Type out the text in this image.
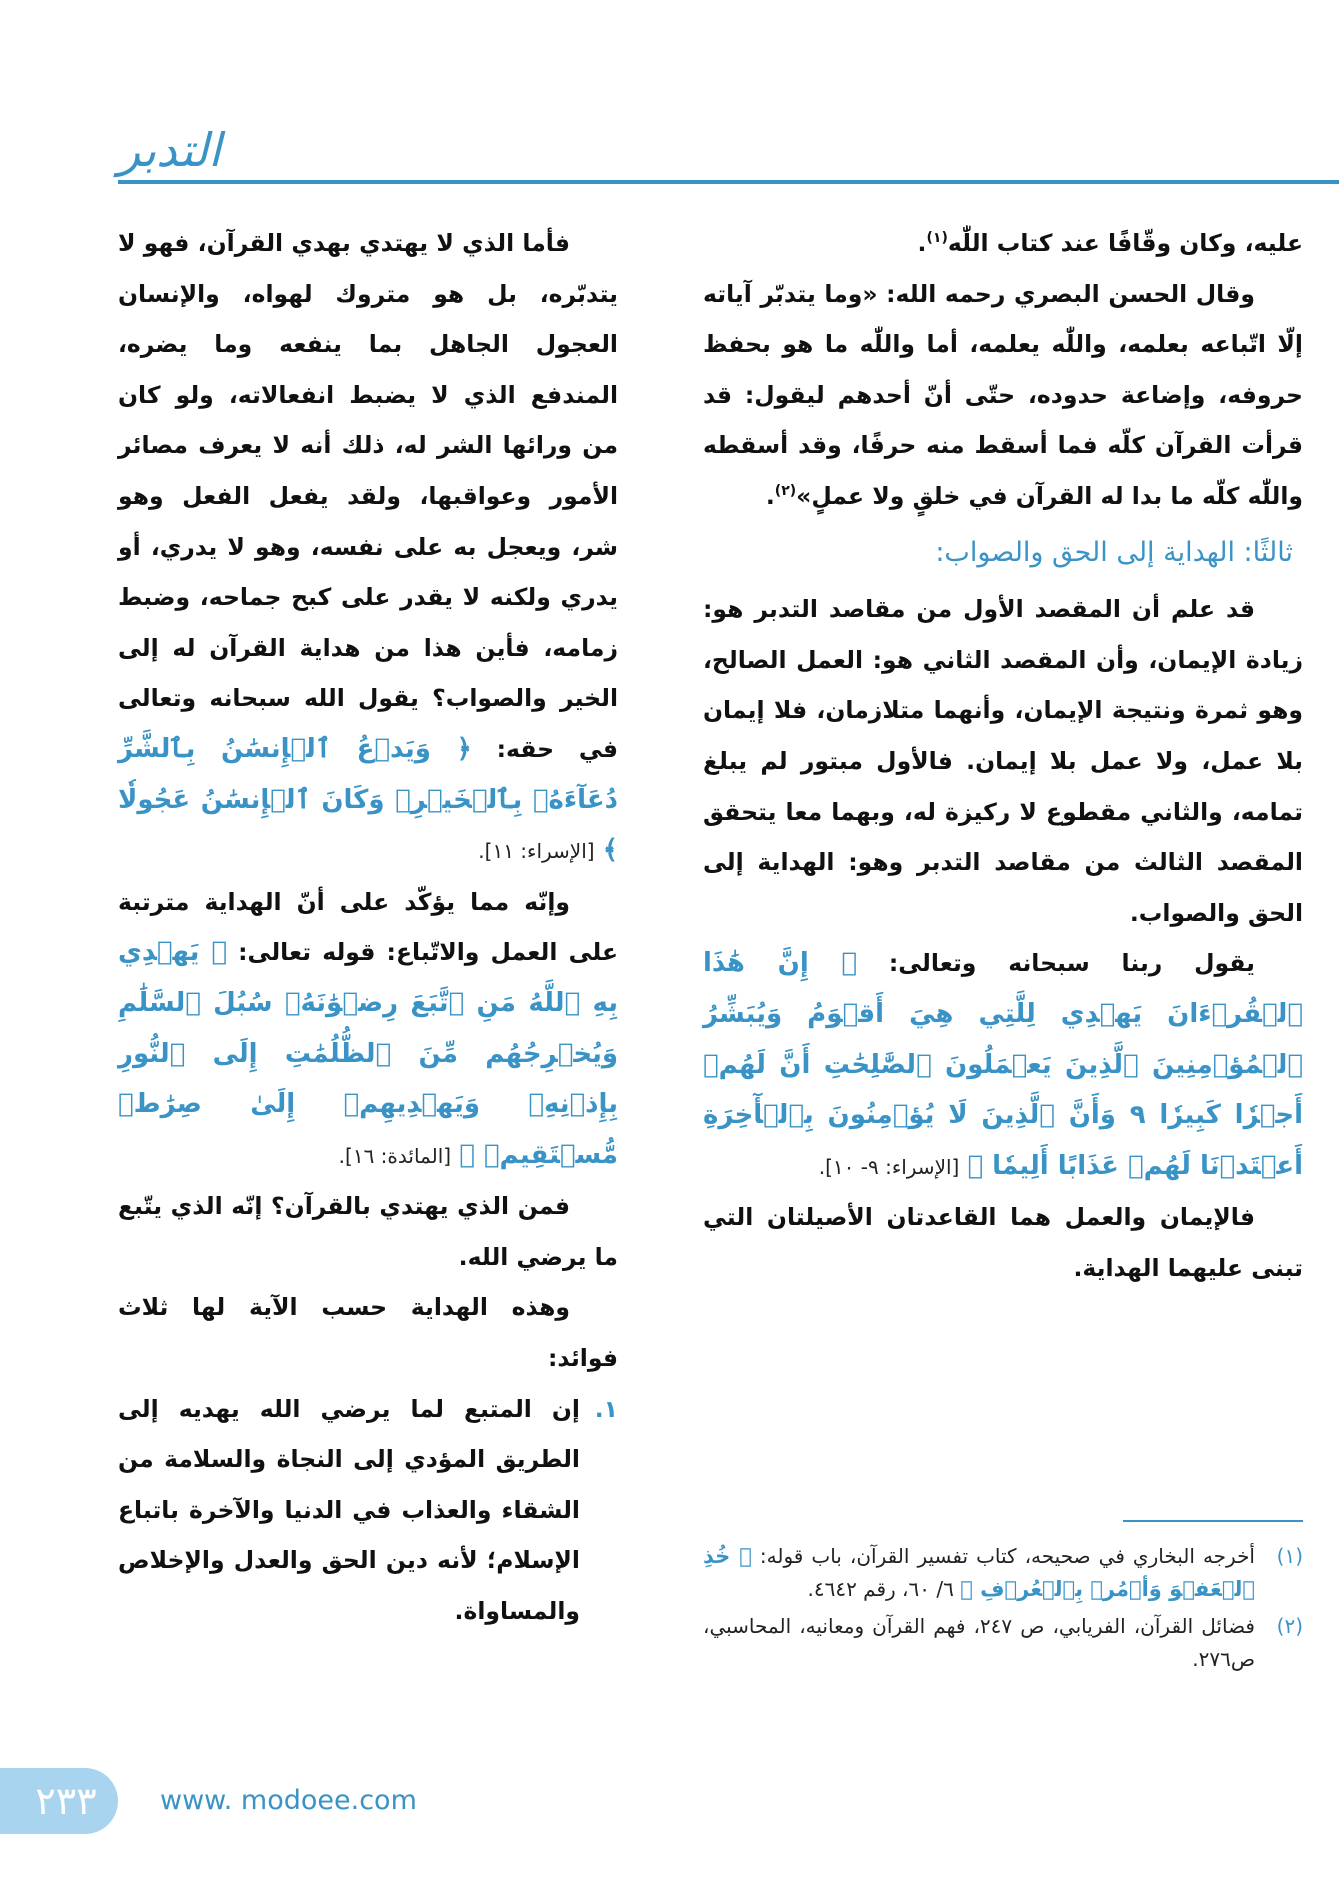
التدبر

عليه، وكان وقّافًا عند كتاب اللّٰه$^{(١)}$.

وقال الحسن البصري رحمه الله: «وما يتدبّر آياته إلّا اتّباعه بعلمه، واللّٰه يعلمه، أما واللّٰه ما هو بحفظ حروفه، وإضاعة حدوده، حتّى أنّ أحدهم ليقول: قد قرأت القرآن كلّه فما أسقط منه حرفًا، وقد أسقطه واللّٰه كلّه ما بدا له القرآن في خلقٍ ولا عملٍ»$^{(٢)}$.

ثالثًا: الهداية إلى الحق والصواب:

قد علم أن المقصد الأول من مقاصد التدبر هو: زيادة الإيمان، وأن المقصد الثاني هو: العمل الصالح، وهو ثمرة ونتيجة الإيمان، وأنهما متلازمان، فلا إيمان بلا عمل، ولا عمل بلا إيمان. فالأول مبتور لم يبلغ تمامه، والثاني مقطوع لا ركيزة له، وبهما معا يتحقق المقصد الثالث من مقاصد التدبر وهو: الهداية إلى الحق والصواب.

يقول ربنا سبحانه وتعالى: ﴿ إِنَّ هَٰذَا ٱلۡقُرۡءَانَ يَهۡدِي لِلَّتِي هِيَ أَقۡوَمُ وَيُبَشِّرُ ٱلۡمُؤۡمِنِينَ ٱلَّذِينَ يَعۡمَلُونَ ٱلصَّٰلِحَٰتِ أَنَّ لَهُمۡ أَجۡرٗا كَبِيرٗا ٩ وَأَنَّ ٱلَّذِينَ لَا يُؤۡمِنُونَ بِٱلۡأٓخِرَةِ أَعۡتَدۡنَا لَهُمۡ عَذَابًا أَلِيمٗا ﴾ [الإسراء: ٩- ١٠].

فالإيمان والعمل هما القاعدتان الأصيلتان التي تبنى عليهما الهداية.

(١)
أخرجه البخاري في صحيحه، كتاب تفسير القرآن، باب قوله: ﴿ خُذِ ٱلۡعَفۡوَ وَأۡمُرۡ بِٱلۡعُرۡفِ ﴾ ٦/ ٦٠، رقم ٤٦٤٢.
(٢)
فضائل القرآن، الفريابي، ص ٢٤٧، فهم القرآن ومعانيه، المحاسبي، ص٢٧٦.

فأما الذي لا يهتدي بهدي القرآن، فهو لا يتدبّره، بل هو متروك لهواه، والإنسان العجول الجاهل بما ينفعه وما يضره، المندفع الذي لا يضبط انفعالاته، ولو كان من ورائها الشر له، ذلك أنه لا يعرف مصائر الأمور وعواقبها، ولقد يفعل الفعل وهو شر، ويعجل به على نفسه، وهو لا يدري، أو يدري ولكنه لا يقدر على كبح جماحه، وضبط زمامه، فأين هذا من هداية القرآن له إلى الخير والصواب؟ يقول الله سبحانه وتعالى في حقه: ﴿ وَيَدۡعُ ٱلۡإِنسَٰنُ بِٱلشَّرِّ دُعَآءَهُۥ بِٱلۡخَيۡرِۖ وَكَانَ ٱلۡإِنسَٰنُ عَجُولٗا ﴾ [الإسراء: ١١].

وإنّه مما يؤكّد على أنّ الهداية مترتبة على العمل والاتّباع: قوله تعالى: ﴿ يَهۡدِي بِهِ ٱللَّهُ مَنِ ٱتَّبَعَ رِضۡوَٰنَهُۥ سُبُلَ ٱلسَّلَٰمِ وَيُخۡرِجُهُم مِّنَ ٱلظُّلُمَٰتِ إِلَى ٱلنُّورِ بِإِذۡنِهِۦ وَيَهۡدِيهِمۡ إِلَىٰ صِرَٰطٖ مُّسۡتَقِيمٖ ﴾ [المائدة: ١٦].

فمن الذي يهتدي بالقرآن؟ إنّه الذي يتّبع ما يرضي الله.

وهذه الهداية حسب الآية لها ثلاث فوائد:

١.
إن المتبع لما يرضي الله يهديه إلى الطريق المؤدي إلى النجاة والسلامة من الشقاء والعذاب في الدنيا والآخرة باتباع الإسلام؛ لأنه دين الحق والعدل والإخلاص والمساواة.
٢٣٣	www. modoee.com
